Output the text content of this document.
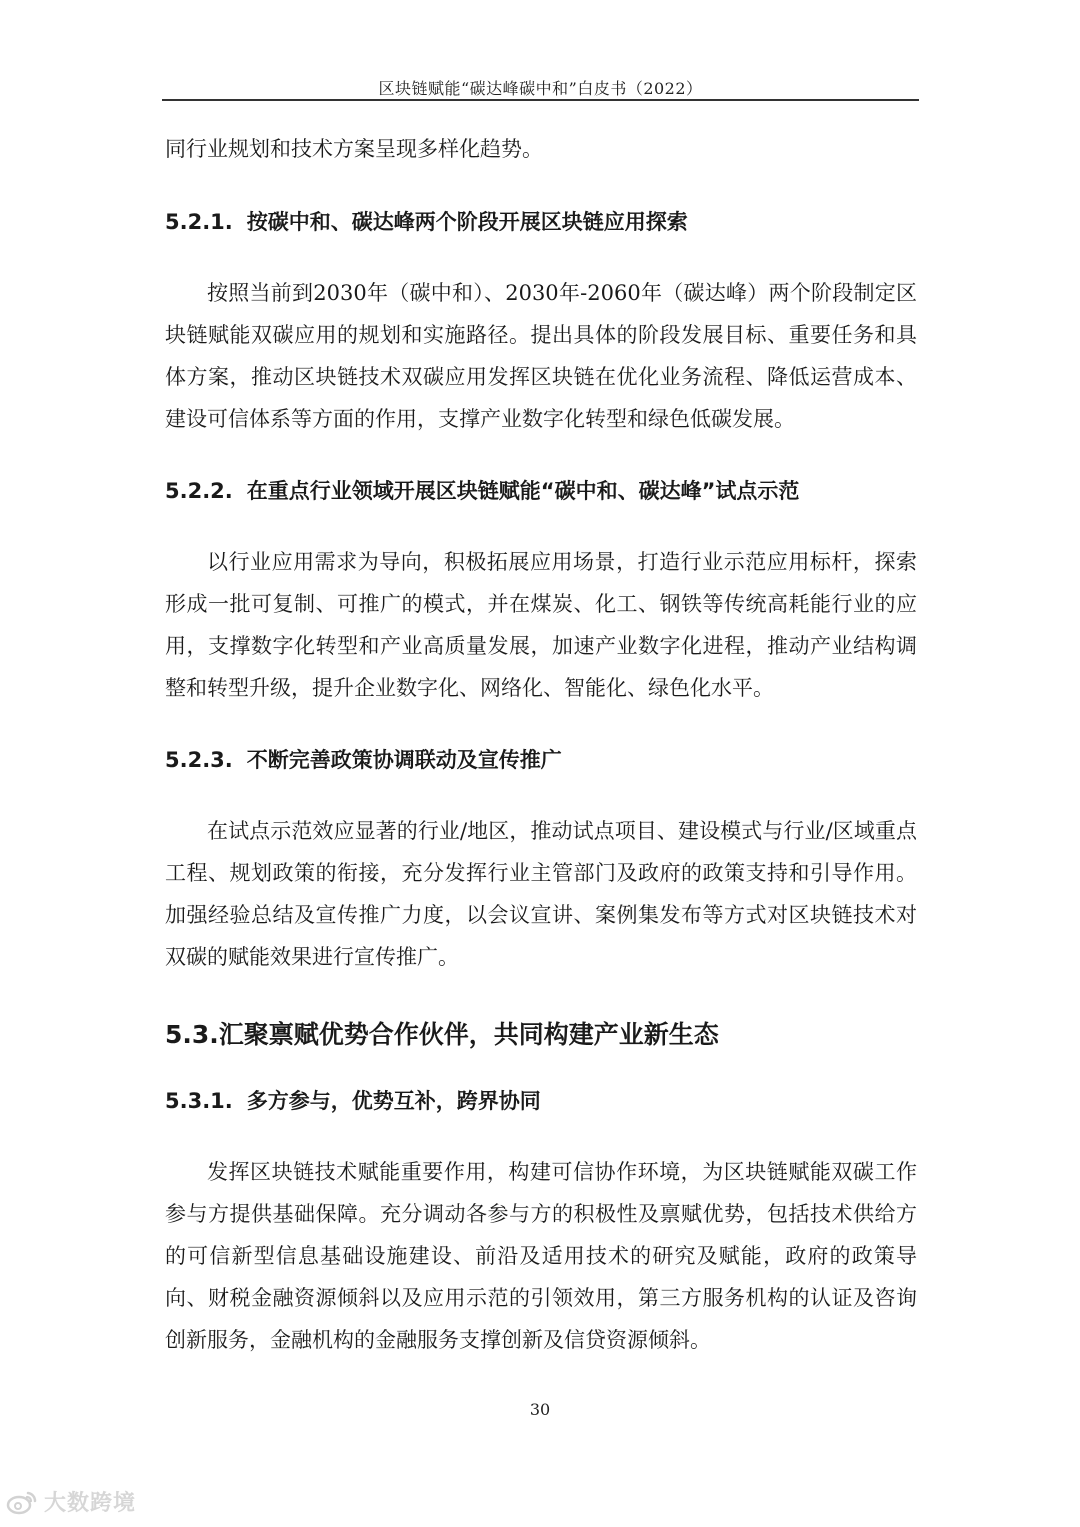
区块链赋能“碳达峰碳中和”白皮书（2022）

同行业规划和技术方案呈现多样化趋势。

5.2.1. 按碳中和、碳达峰两个阶段开展区块链应用探索

按照当前到2030年（碳中和）、2030年-2060年（碳达峰）两个阶段制定区块链赋能双碳应用的规划和实施路径。提出具体的阶段发展目标、重要任务和具体方案，推动区块链技术双碳应用发挥区块链在优化业务流程、降低运营成本、建设可信体系等方面的作用，支撑产业数字化转型和绿色低碳发展。

5.2.2. 在重点行业领域开展区块链赋能“碳中和、碳达峰”试点示范

以行业应用需求为导向，积极拓展应用场景，打造行业示范应用标杆，探索形成一批可复制、可推广的模式，并在煤炭、化工、钢铁等传统高耗能行业的应用，支撑数字化转型和产业高质量发展，加速产业数字化进程，推动产业结构调整和转型升级，提升企业数字化、网络化、智能化、绿色化水平。

5.2.3. 不断完善政策协调联动及宣传推广

在试点示范效应显著的行业/地区，推动试点项目、建设模式与行业/区域重点工程、规划政策的衔接，充分发挥行业主管部门及政府的政策支持和引导作用。加强经验总结及宣传推广力度，以会议宣讲、案例集发布等方式对区块链技术对双碳的赋能效果进行宣传推广。

5.3.汇聚禀赋优势合作伙伴，共同构建产业新生态
5.3.1. 多方参与，优势互补，跨界协同

发挥区块链技术赋能重要作用，构建可信协作环境，为区块链赋能双碳工作参与方提供基础保障。充分调动各参与方的积极性及禀赋优势，包括技术供给方的可信新型信息基础设施建设、前沿及适用技术的研究及赋能，政府的政策导向、财税金融资源倾斜以及应用示范的引领效用，第三方服务机构的认证及咨询创新服务，金融机构的金融服务支撑创新及信贷资源倾斜。

30
大数跨境
